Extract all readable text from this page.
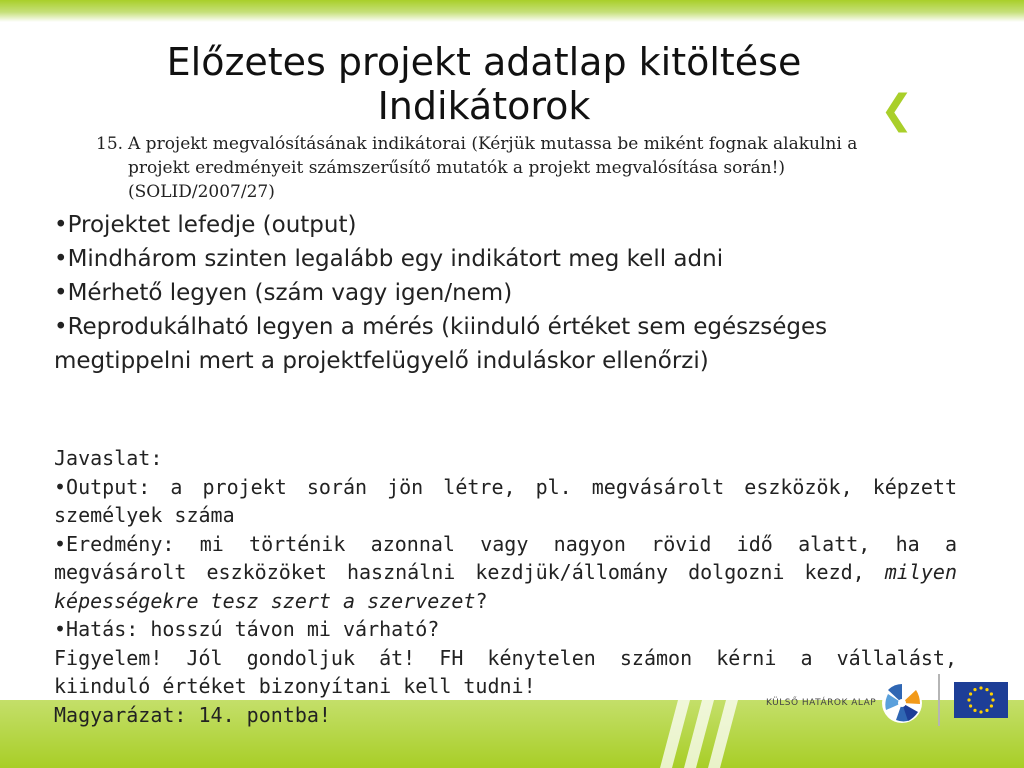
Előzetes projekt adatlap kitöltése
Indikátorok	❮
15. A projekt megvalósításának indikátorai (Kérjük mutassa be miként fognak alakulni a
projekt eredményeit számszerűsítő mutatók a projekt megvalósítása során!)
(SOLID/2007/27)
•Projektet lefedje (output)
•Mindhárom szinten legalább egy indikátort meg kell adni
•Mérhető legyen (szám vagy igen/nem)
•Reprodukálható legyen a mérés (kiinduló értéket sem egészséges megtippelni mert a projektfelügyelő induláskor ellenőrzi)
Javaslat:
•Output: a projekt során jön létre, pl. megvásárolt eszközök, képzett személyek száma
•Eredmény: mi történik azonnal vagy nagyon rövid idő alatt, ha a megvásárolt eszközöket használni kezdjük/állomány dolgozni kezd, milyen képességekre tesz szert a szervezet?
•Hatás: hosszú távon mi várható?
Figyelem! Jól gondoljuk át! FH kénytelen számon kérni a vállalást, kiinduló értéket bizonyítani kell tudni!
Magyarázat: 14. pontba!	KÜLSŐ HATÁROK ALAP
